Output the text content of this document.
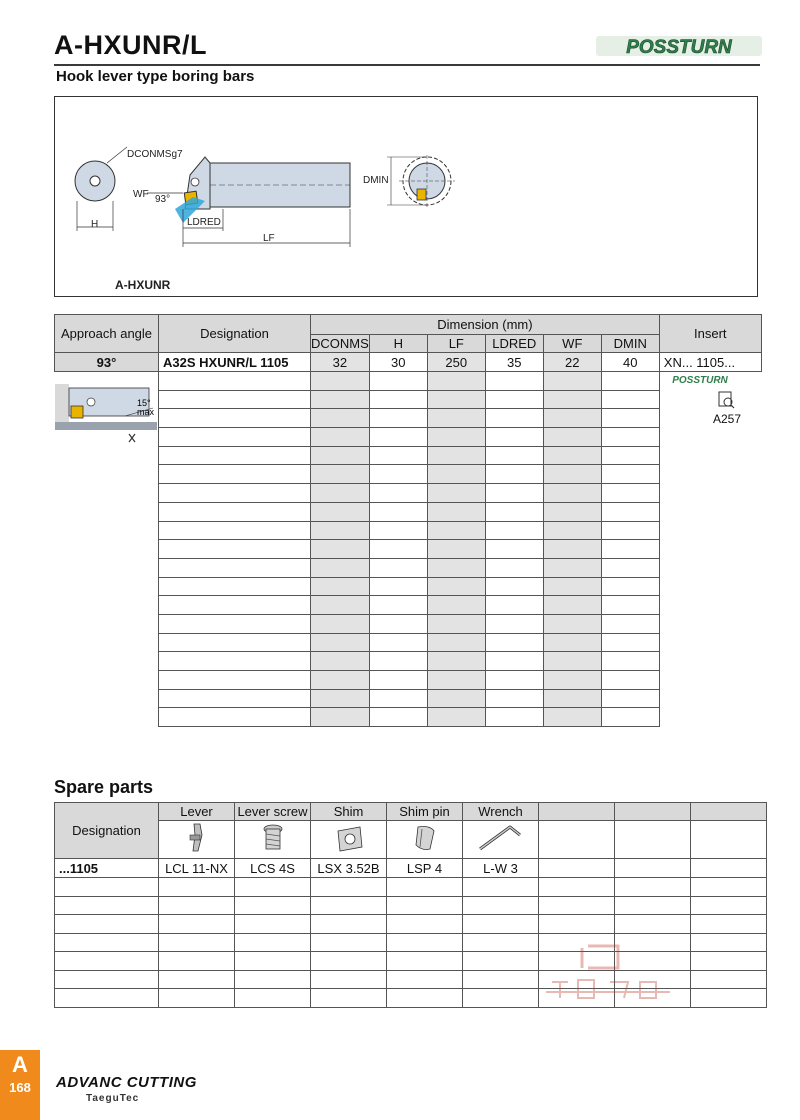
A-HXUNR/L
Hook lever type boring bars
POSSTURN
DCONMSg7
WF 93°
H	LDRED
LF
DMIN
A-HXUNR
Approach angle	Designation	Dimension (mm)						Insert
		DCONMS	H	LF	LDRED	WF	DMIN	
93°	A32S HXUNR/L 1105	32	30	250	35	22	40	XN... 1105...

15°
max
POSSTURN
A257
Spare parts
Designation	Lever	Lever screw	Shim	Shim pin	Wrench			

...1105	LCL 11-NX	LCS 4S	LSX 3.52B	LSP 4	L-W 3			

A
168	ADVANC CUTTING
TaeguTec
